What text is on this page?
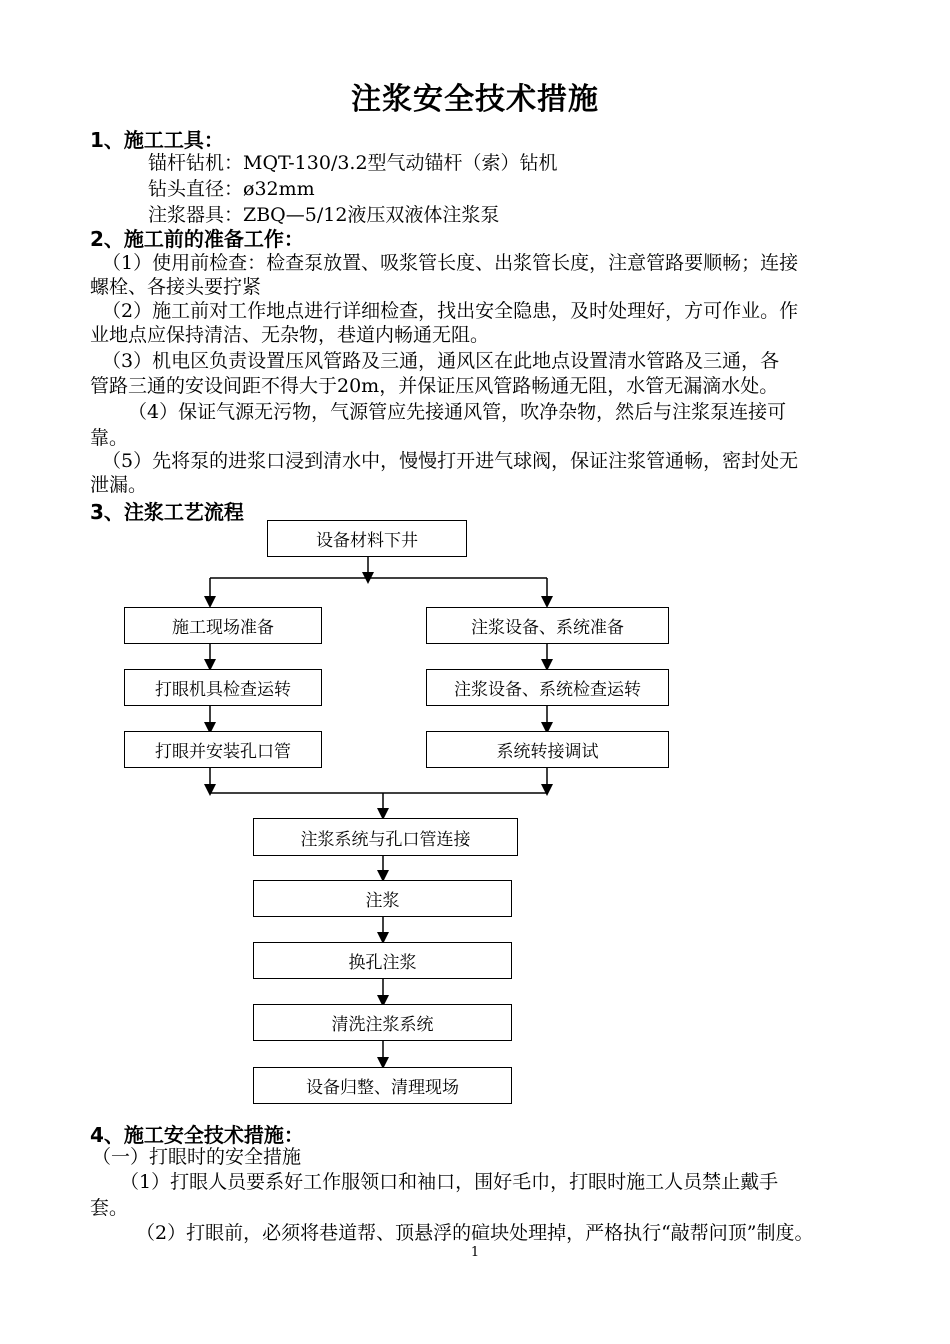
注浆安全技术措施
1、施工工具：
锚杆钻机：MQT-130/3.2型气动锚杆（索）钻机
钻头直径：ø32mm
注浆器具：ZBQ—5/12液压双液体注浆泵
2、施工前的准备工作：
（1）使用前检查：检查泵放置、吸浆管长度、出浆管长度，注意管路要顺畅；连接
螺栓、各接头要拧紧
（2）施工前对工作地点进行详细检查，找出安全隐患，及时处理好，方可作业。作
业地点应保持清洁、无杂物，巷道内畅通无阻。
（3）机电区负责设置压风管路及三通，通风区在此地点设置清水管路及三通，各
管路三通的安设间距不得大于20m，并保证压风管路畅通无阻，水管无漏滴水处。
（4）保证气源无污物，气源管应先接通风管，吹净杂物，然后与注浆泵连接可
靠。
（5）先将泵的进浆口浸到清水中，慢慢打开进气球阀，保证注浆管通畅，密封处无
泄漏。
3、注浆工艺流程
设备材料下井
施工现场准备
打眼机具检查运转
打眼并安装孔口管
注浆设备、系统准备
注浆设备、系统检查运转
系统转接调试
注浆系统与孔口管连接
注浆
换孔注浆
清洗注浆系统
设备归整、清理现场
4、施工安全技术措施：
（一）打眼时的安全措施
（1）打眼人员要系好工作服领口和袖口，围好毛巾，打眼时施工人员禁止戴手
套。
（2）打眼前，必须将巷道帮、顶悬浮的碹块处理掉，严格执行“敲帮问顶”制度。
1
